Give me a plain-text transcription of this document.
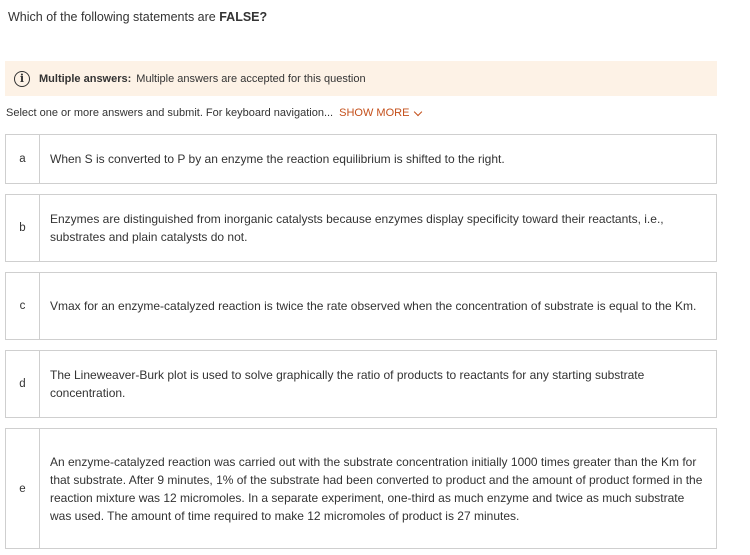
Which of the following statements are FALSE?
i	Multiple answers: Multiple answers are accepted for this question
Select one or more answers and submit. For keyboard navigation... SHOW MORE
a	When S is converted to P by an enzyme the reaction equilibrium is shifted to the right.
b
Enzymes are distinguished from inorganic catalysts because enzymes display specificity toward their reactants, i.e., substrates and plain catalysts do not.
c	Vmax for an enzyme-catalyzed reaction is twice the rate observed when the concentration of substrate is equal to the Km.
d
The Lineweaver-Burk plot is used to solve graphically the ratio of products to reactants for any starting substrate concentration.
e
An enzyme-catalyzed reaction was carried out with the substrate concentration initially 1000 times greater than the Km for that substrate. After 9 minutes, 1% of the substrate had been converted to product and the amount of product formed in the reaction mixture was 12 micromoles. In a separate experiment, one-third as much enzyme and twice as much substrate was used. The amount of time required to make 12 micromoles of product is 27 minutes.
